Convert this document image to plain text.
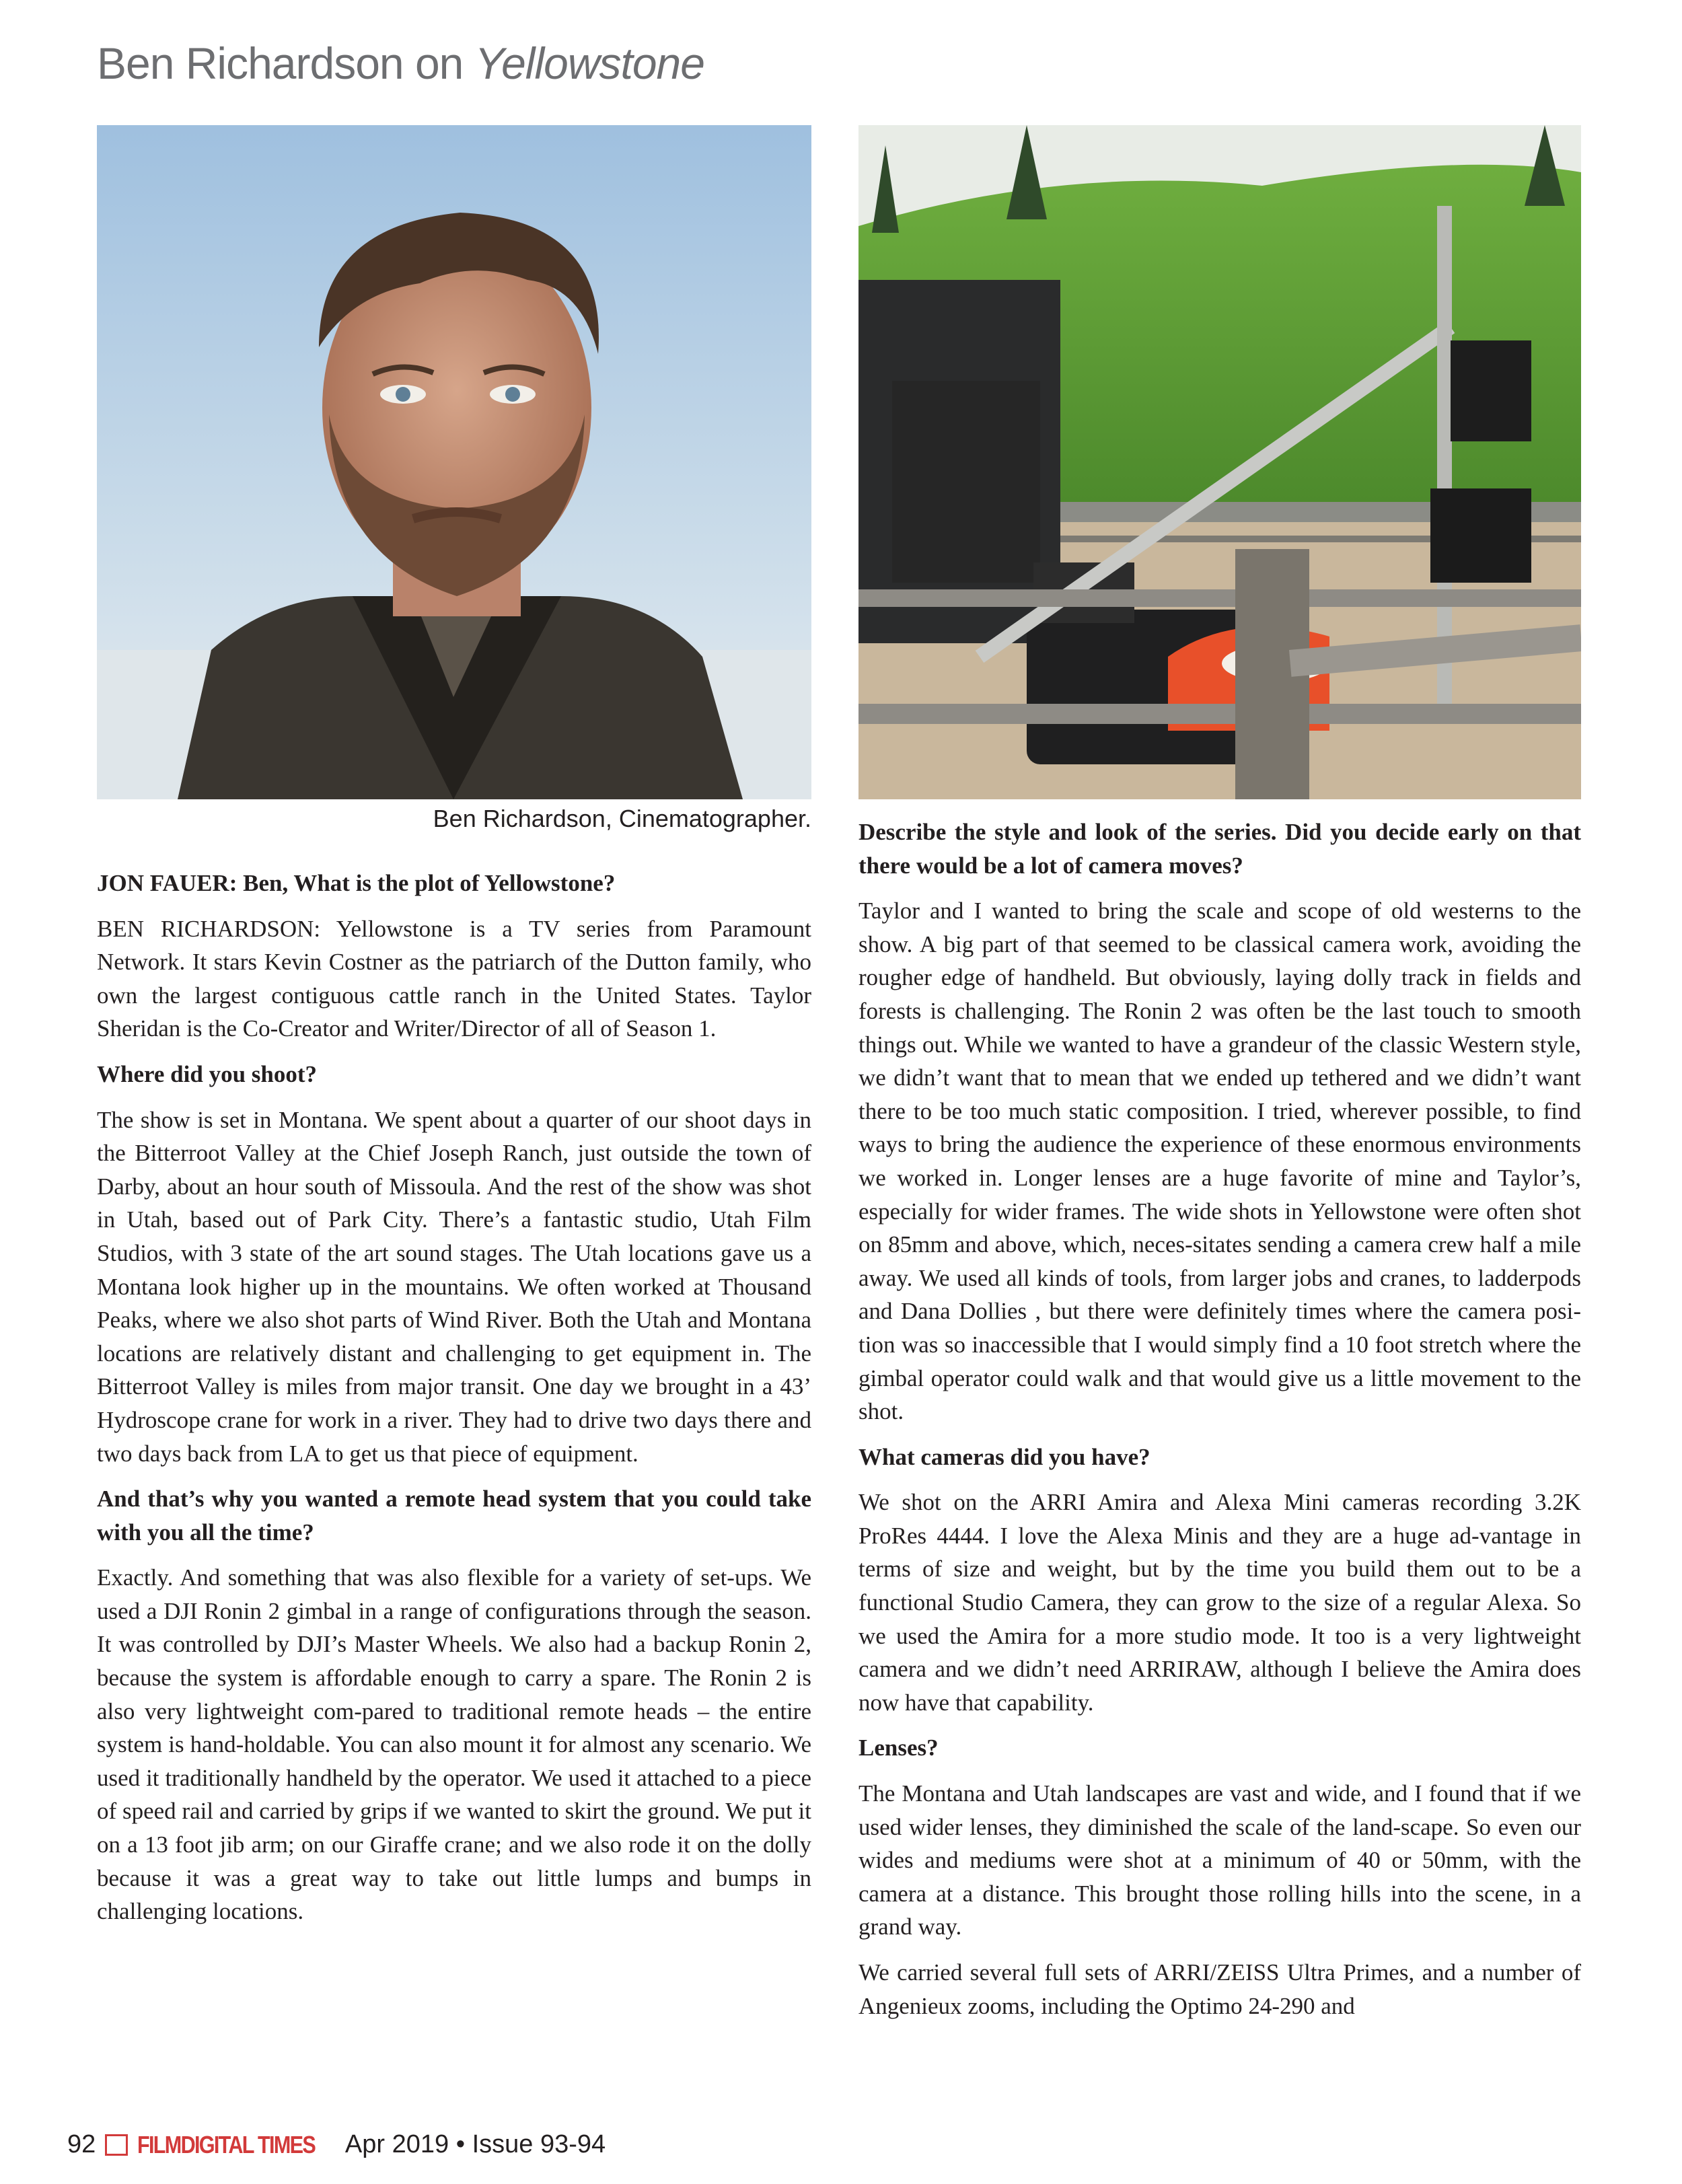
Ben Richardson on Yellowstone
Ben Richardson, Cinematographer.

JON FAUER: Ben, What is the plot of Yellowstone?

BEN RICHARDSON: Yellowstone is a TV series from Paramount Network. It stars Kevin Costner as the patriarch of the Dutton family, who own the largest contiguous cattle ranch in the United States. Taylor Sheridan is the Co-Creator and Writer/Director of all of Season 1.

Where did you shoot?

The show is set in Montana. We spent about a quarter of our shoot days in the Bitterroot Valley at the Chief Joseph Ranch, just outside the town of Darby, about an hour south of Missoula. And the rest of the show was shot in Utah, based out of Park City. There’s a fantastic studio, Utah Film Studios, with 3 state of the art sound stages. The Utah locations gave us a Montana look higher up in the mountains. We often worked at Thousand Peaks, where we also shot parts of Wind River. Both the Utah and Montana locations are relatively distant and challenging to get equipment in. The Bitterroot Valley is miles from major transit. One day we brought in a 43’ Hydroscope crane for work in a river. They had to drive two days there and two days back from LA to get us that piece of equipment.

And that’s why you wanted a remote head system that you could take with you all the time?

Exactly. And something that was also flexible for a variety of set-ups. We used a DJI Ronin 2 gimbal in a range of configurations through the season. It was controlled by DJI’s Master Wheels. We also had a backup Ronin 2, because the system is affordable enough to carry a spare. The Ronin 2 is also very lightweight com-pared to traditional remote heads – the entire system is hand-holdable. You can also mount it for almost any scenario. We used it traditionally handheld by the operator. We used it attached to a piece of speed rail and carried by grips if we wanted to skirt the ground. We put it on a 13 foot jib arm; on our Giraffe crane; and we also rode it on the dolly because it was a great way to take out little lumps and bumps in challenging locations.

Describe the style and look of the series. Did you decide early on that there would be a lot of camera moves?

Taylor and I wanted to bring the scale and scope of old westerns to the show. A big part of that seemed to be classical camera work, avoiding the rougher edge of handheld. But obviously, laying dolly track in fields and forests is challenging. The Ronin 2 was often be the last touch to smooth things out. While we wanted to have a grandeur of the classic Western style, we didn’t want that to mean that we ended up tethered and we didn’t want there to be too much static composition. I tried, wherever possible, to find ways to bring the audience the experience of these enormous environments we worked in. Longer lenses are a huge favorite of mine and Taylor’s, especially for wider frames. The wide shots in Yellowstone were often shot on 85mm and above, which, neces-sitates sending a camera crew half a mile away. We used all kinds of tools, from larger jobs and cranes, to ladderpods and Dana Dollies , but there were definitely times where the camera posi-tion was so inaccessible that I would simply find a 10 foot stretch where the gimbal operator could walk and that would give us a little movement to the shot.

What cameras did you have?

We shot on the ARRI Amira and Alexa Mini cameras recording 3.2K ProRes 4444. I love the Alexa Minis and they are a huge ad-vantage in terms of size and weight, but by the time you build them out to be a functional Studio Camera, they can grow to the size of a regular Alexa. So we used the Amira for a more studio mode. It too is a very lightweight camera and we didn’t need ARRIRAW, although I believe the Amira does now have that capability.

Lenses?

The Montana and Utah landscapes are vast and wide, and I found that if we used wider lenses, they diminished the scale of the land-scape. So even our wides and mediums were shot at a minimum of 40 or 50mm, with the camera at a distance. This brought those rolling hills into the scene, in a grand way.

We carried several full sets of ARRI/ZEISS Ultra Primes, and a number of Angenieux zooms, including the Optimo 24-290 and

92 FILMDIGITAL TIMES Apr 2019 • Issue 93-94
